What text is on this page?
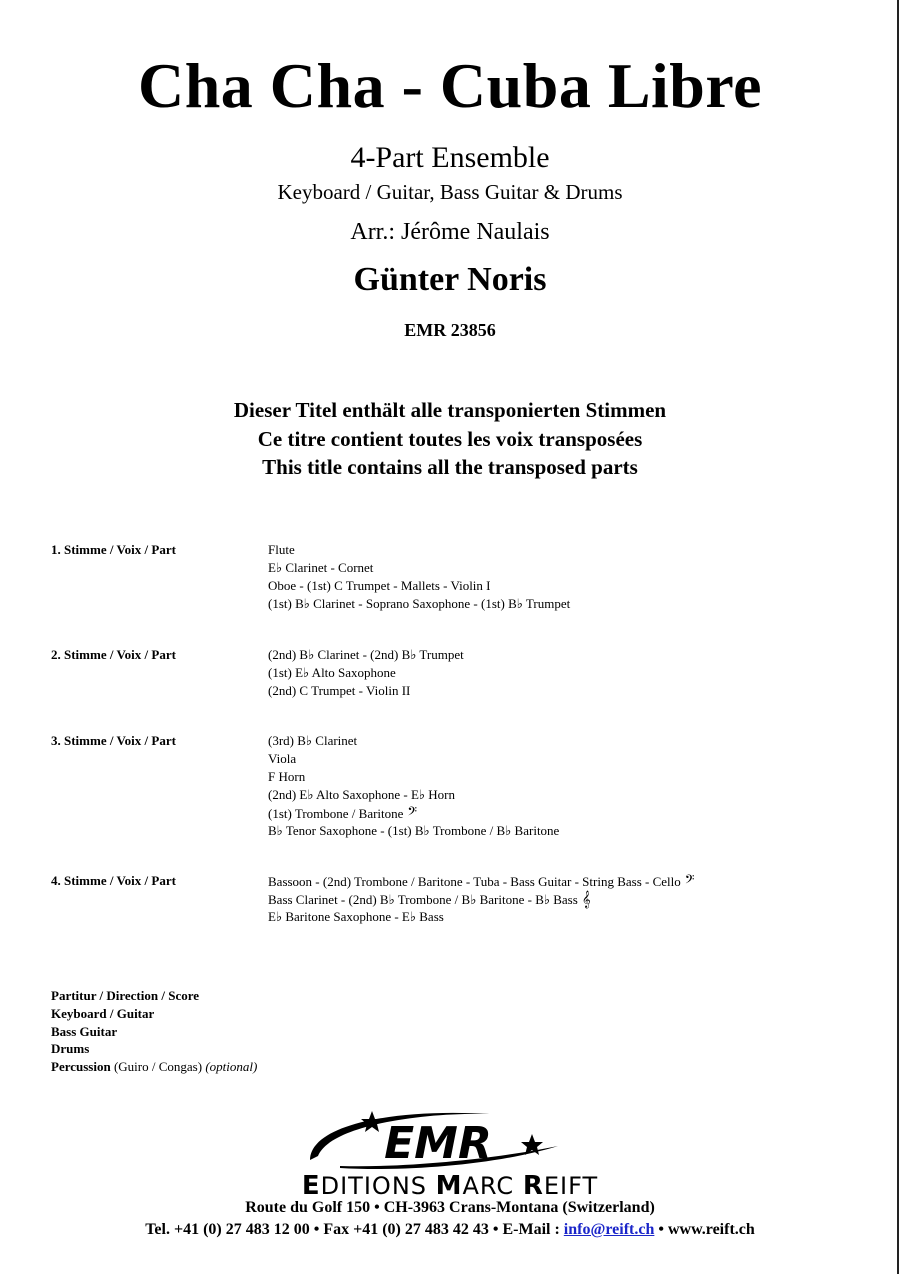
Cha Cha - Cuba Libre
4-Part Ensemble
Keyboard / Guitar, Bass Guitar & Drums
Arr.: Jérôme Naulais
Günter Noris
EMR 23856
Dieser Titel enthält alle transponierten Stimmen
Ce titre contient toutes les voix transposées
This title contains all the transposed parts
1. Stimme / Voix / Part	Flute
E♭ Clarinet - Cornet
Oboe - (1st) C Trumpet - Mallets - Violin I
(1st) B♭ Clarinet - Soprano Saxophone - (1st) B♭ Trumpet
2. Stimme / Voix / Part	(2nd) B♭ Clarinet - (2nd) B♭ Trumpet
(1st) E♭ Alto Saxophone
(2nd) C Trumpet - Violin II
3. Stimme / Voix / Part	(3rd) B♭ Clarinet
Viola
F Horn
(2nd) E♭ Alto Saxophone - E♭ Horn
(1st) Trombone / Baritone 𝄢
B♭ Tenor Saxophone - (1st) B♭ Trombone / B♭ Baritone
4. Stimme / Voix / Part	Bassoon - (2nd) Trombone / Baritone - Tuba - Bass Guitar - String Bass - Cello 𝄢
Bass Clarinet - (2nd) B♭ Trombone / B♭ Baritone - B♭ Bass 𝄞
E♭ Baritone Saxophone - E♭ Bass
Partitur / Direction / Score
Keyboard / Guitar
Bass Guitar
Drums
Percussion (Guiro / Congas) (optional)
EMR
EDITIONS MARC REIFT
Route du Golf 150 • CH-3963 Crans-Montana (Switzerland)
Tel. +41 (0) 27 483 12 00 • Fax +41 (0) 27 483 42 43 • E-Mail : info@reift.ch • www.reift.ch
